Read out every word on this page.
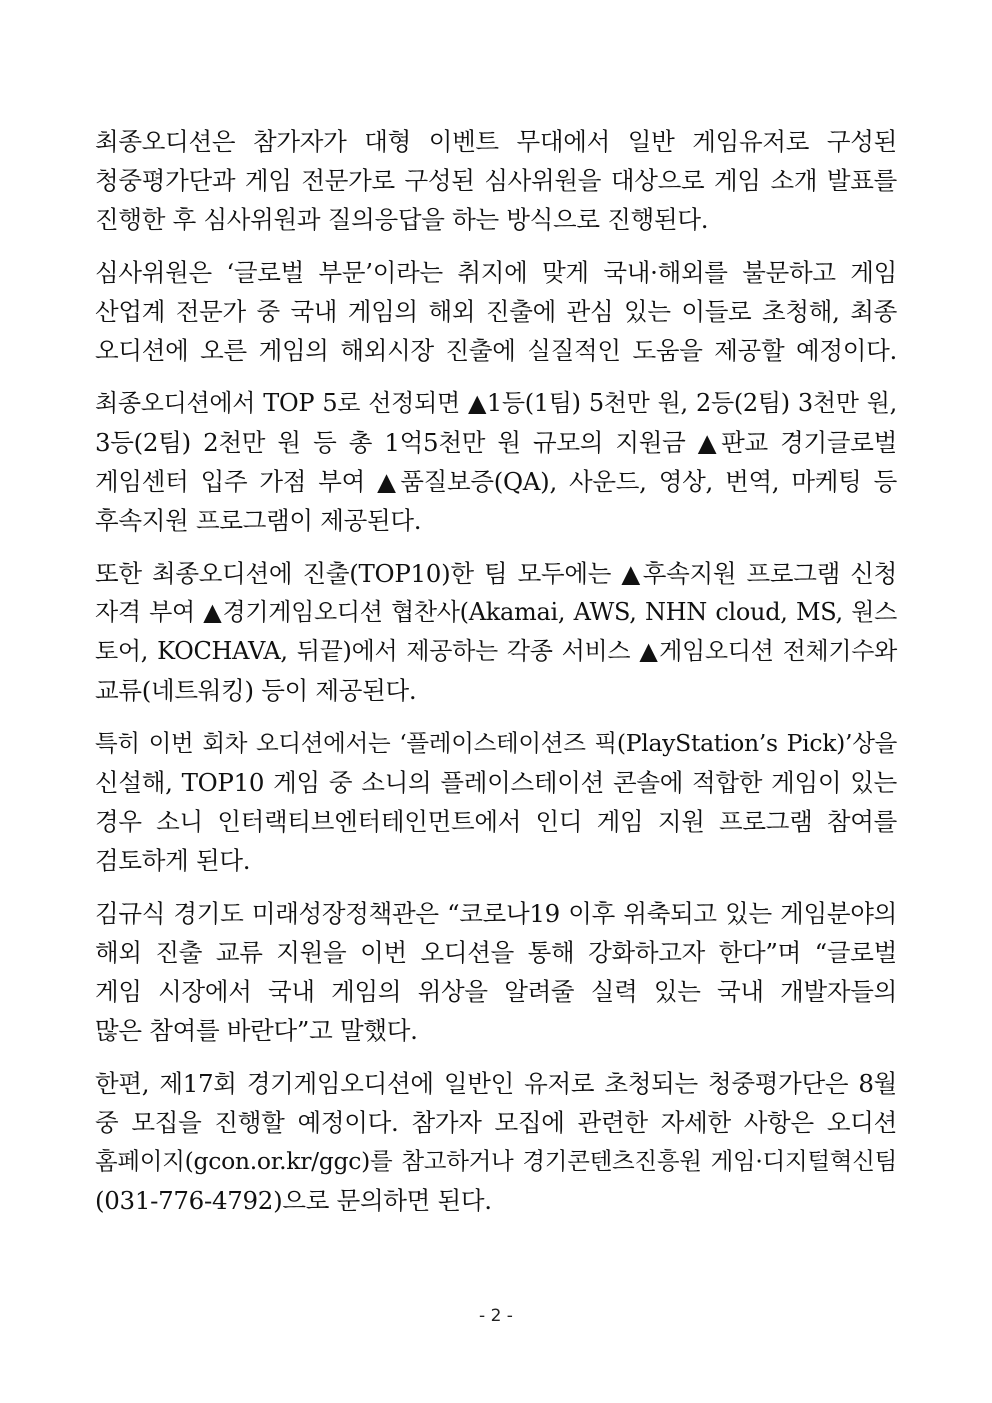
최종오디션은 참가자가 대형 이벤트 무대에서 일반 게임유저로 구성된
청중평가단과 게임 전문가로 구성된 심사위원을 대상으로 게임 소개 발표를
진행한 후 심사위원과 질의응답을 하는 방식으로 진행된다.

심사위원은 ‘글로벌 부문’이라는 취지에 맞게 국내·해외를 불문하고 게임
산업계 전문가 중 국내 게임의 해외 진출에 관심 있는 이들로 초청해, 최종
오디션에 오른 게임의 해외시장 진출에 실질적인 도움을 제공할 예정이다.

최종오디션에서 TOP 5로 선정되면 ▲1등(1팀) 5천만 원, 2등(2팀) 3천만 원,
3등(2팀) 2천만 원 등 총 1억5천만 원 규모의 지원금 ▲판교 경기글로벌
게임센터 입주 가점 부여 ▲품질보증(QA), 사운드, 영상, 번역, 마케팅 등
후속지원 프로그램이 제공된다.

또한 최종오디션에 진출(TOP10)한 팀 모두에는 ▲후속지원 프로그램 신청
자격 부여 ▲경기게임오디션 협찬사(Akamai, AWS, NHN cloud, MS, 원스
토어, KOCHAVA, 뒤끝)에서 제공하는 각종 서비스 ▲게임오디션 전체기수와
교류(네트워킹) 등이 제공된다.

특히 이번 회차 오디션에서는 ‘플레이스테이션즈 픽(PlayStation’s Pick)’상을
신설해, TOP10 게임 중 소니의 플레이스테이션 콘솔에 적합한 게임이 있는
경우 소니 인터랙티브엔터테인먼트에서 인디 게임 지원 프로그램 참여를
검토하게 된다.

김규식 경기도 미래성장정책관은 “코로나19 이후 위축되고 있는 게임분야의
해외 진출 교류 지원을 이번 오디션을 통해 강화하고자 한다”며 “글로벌
게임 시장에서 국내 게임의 위상을 알려줄 실력 있는 국내 개발자들의
많은 참여를 바란다”고 말했다.

한편, 제17회 경기게임오디션에 일반인 유저로 초청되는 청중평가단은 8월
중 모집을 진행할 예정이다. 참가자 모집에 관련한 자세한 사항은 오디션
홈페이지(gcon.or.kr/ggc)를 참고하거나 경기콘텐츠진흥원 게임·디지털혁신팀
(031-776-4792)으로 문의하면 된다.

- 2 -
